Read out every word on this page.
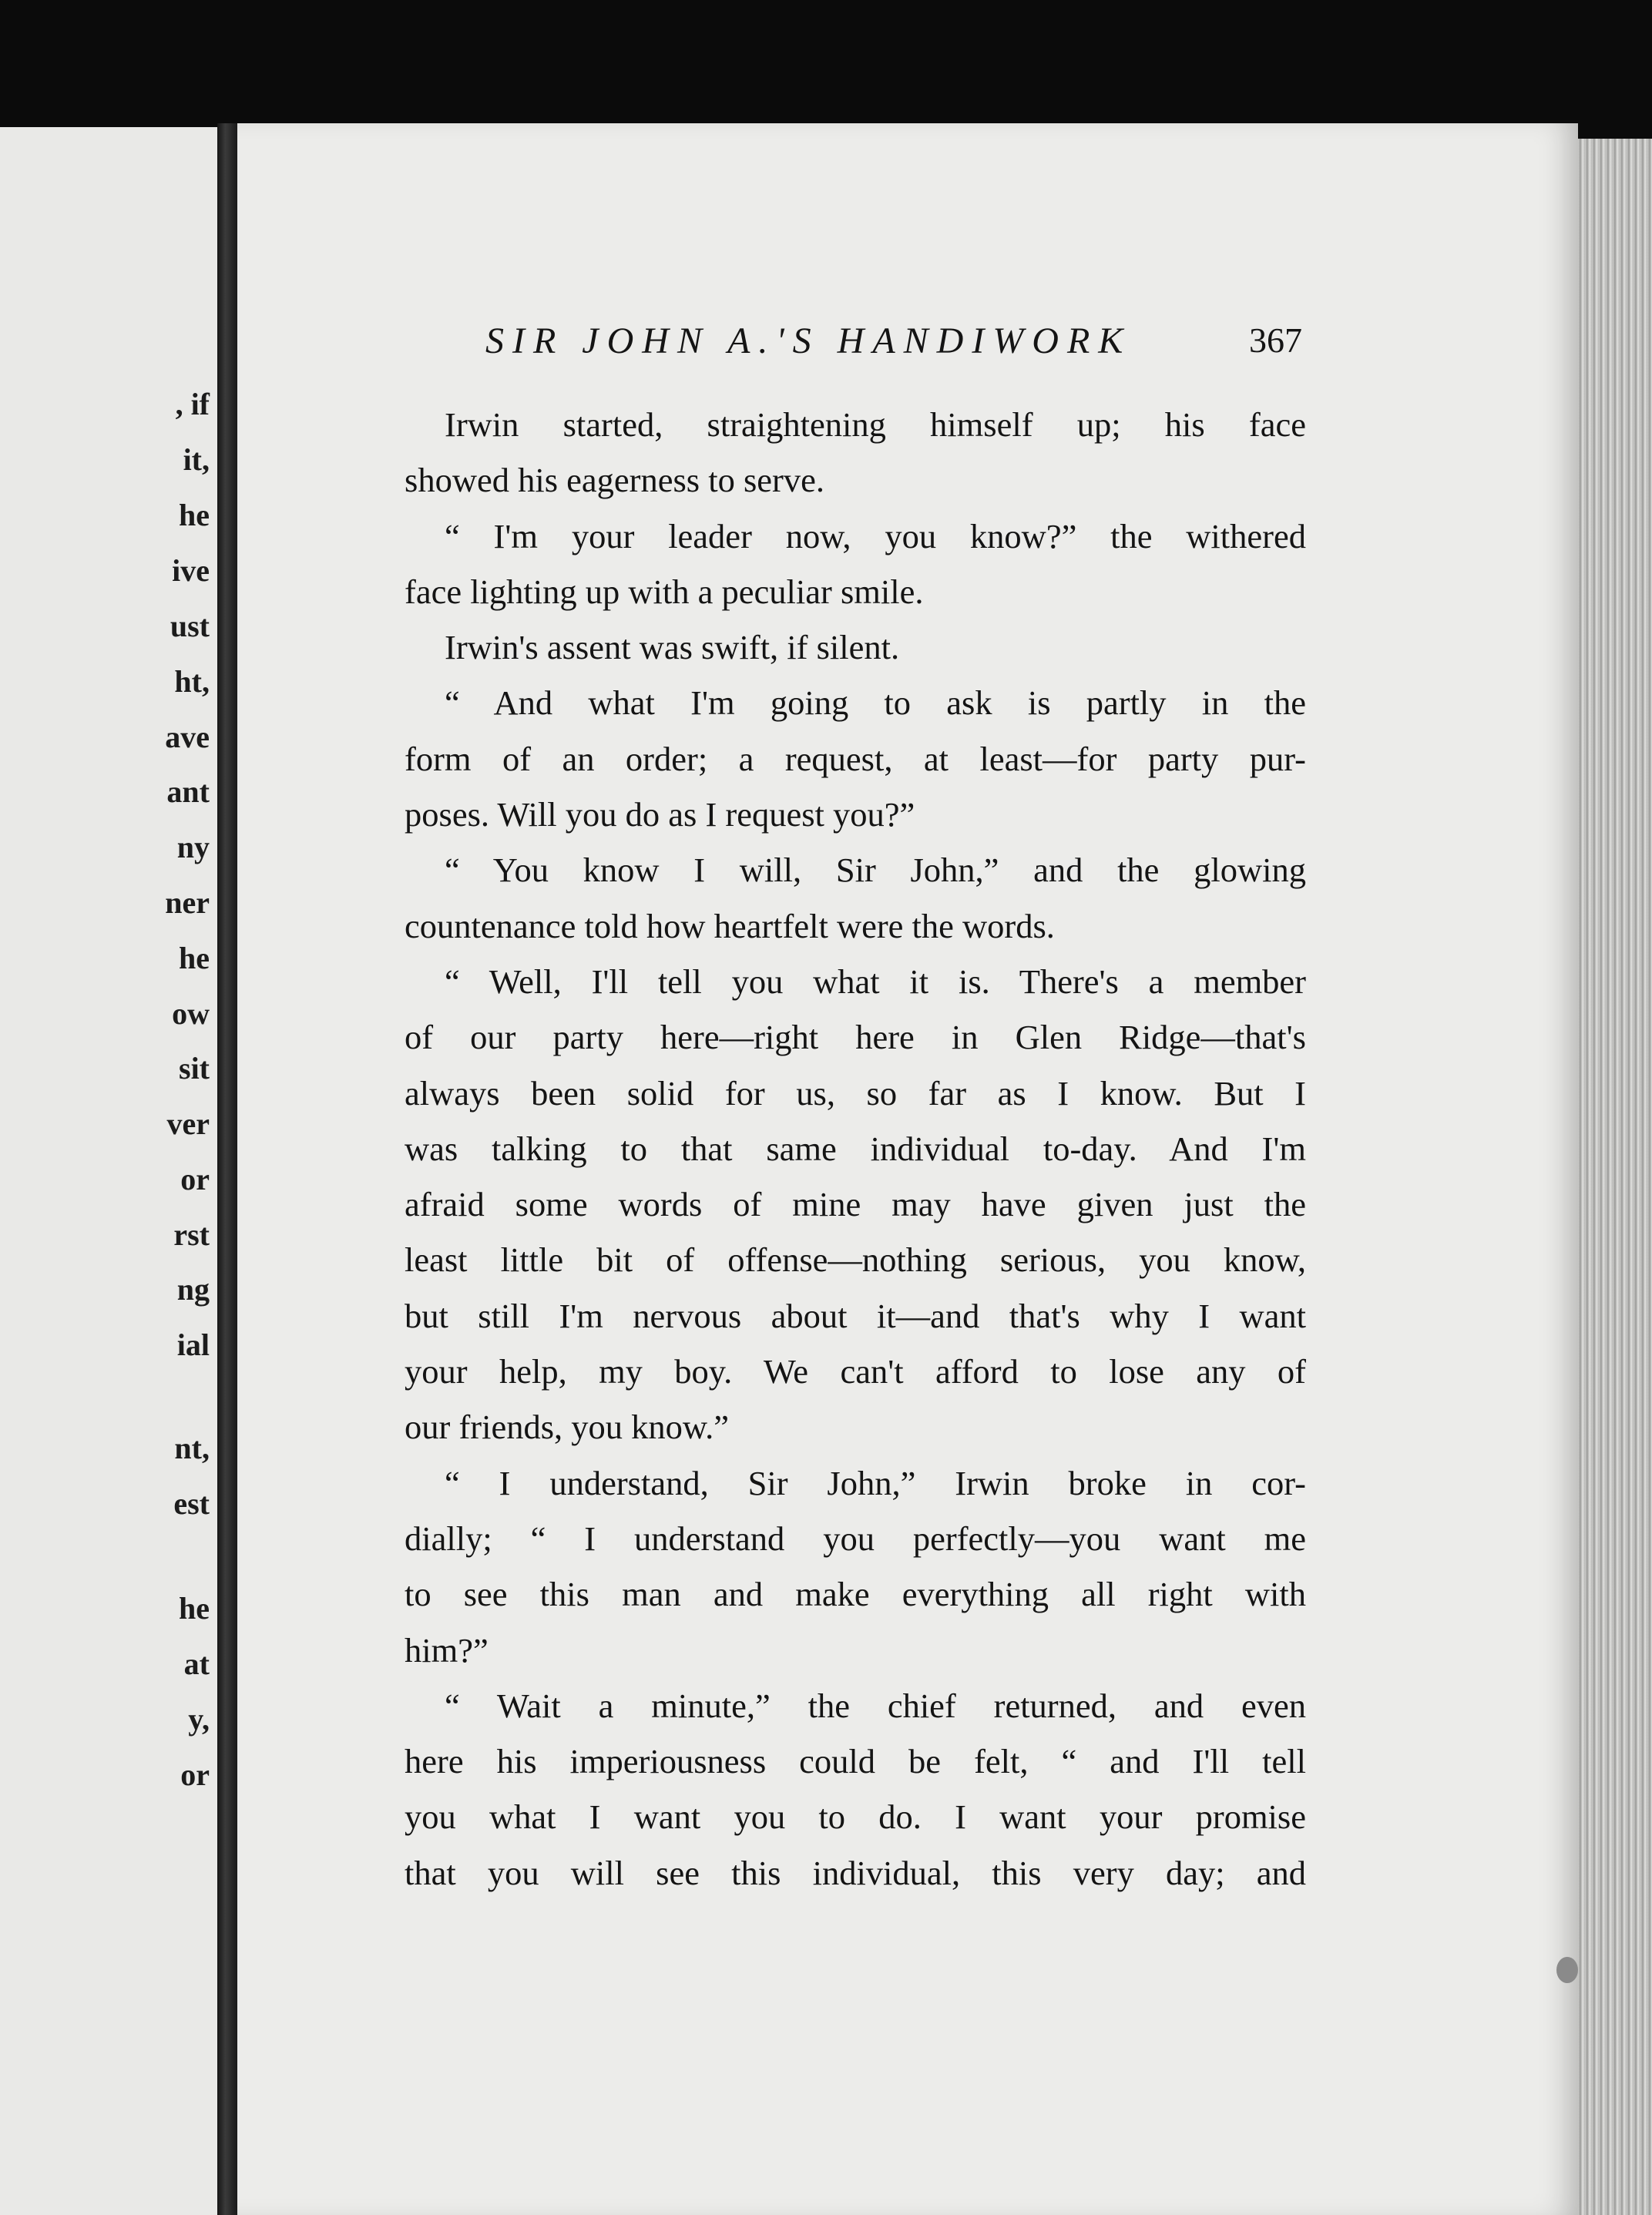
, if
it,
he
ive
ust
ht,
ave
ant
ny
ner
he
ow
sit
ver
or
rst
ng
ial
nt,
est
he
at
y,
or
SIR JOHN A.'S HANDIWORK	367
Irwin started, straightening himself up; his face
showed his eagerness to serve.
“ I'm your leader now, you know?” the withered
face lighting up with a peculiar smile.
Irwin's assent was swift, if silent.
“ And what I'm going to ask is partly in the
form of an order; a request, at least—for party pur-
poses. Will you do as I request you?”
“ You know I will, Sir John,” and the glowing
countenance told how heartfelt were the words.
“ Well, I'll tell you what it is. There's a member
of our party here—right here in Glen Ridge—that's
always been solid for us, so far as I know. But I
was talking to that same individual to-day. And I'm
afraid some words of mine may have given just the
least little bit of offense—nothing serious, you know,
but still I'm nervous about it—and that's why I want
your help, my boy. We can't afford to lose any of
our friends, you know.”
“ I understand, Sir John,” Irwin broke in cor-
dially; “ I understand you perfectly—you want me
to see this man and make everything all right with
him?”
“ Wait a minute,” the chief returned, and even
here his imperiousness could be felt, “ and I'll tell
you what I want you to do. I want your promise
that you will see this individual, this very day; and
